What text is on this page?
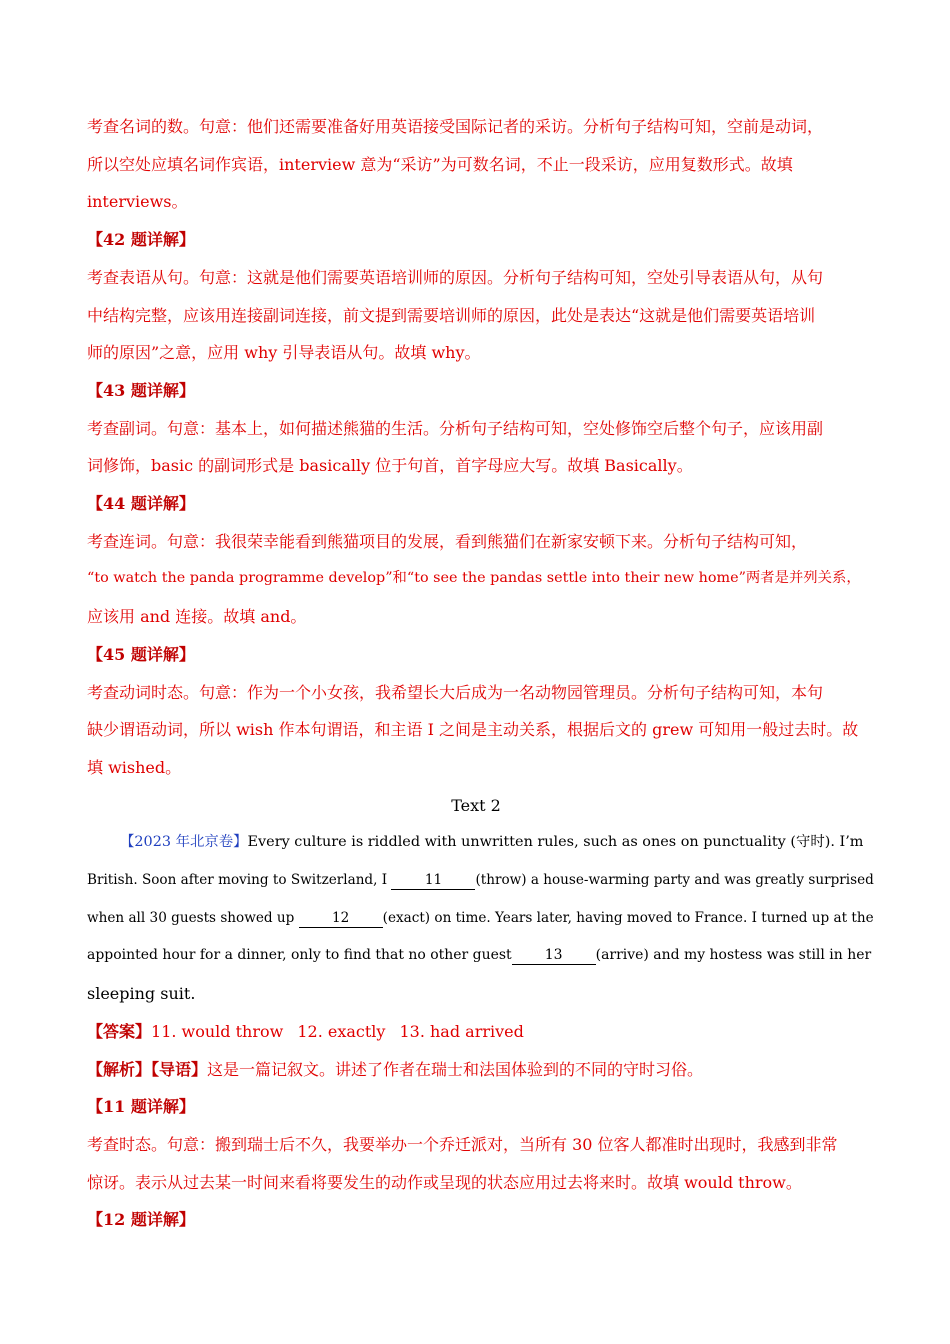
考查名词的数。句意：他们还需要准备好用英语接受国际记者的采访。分析句子结构可知，空前是动词，
所以空处应填名词作宾语，interview 意为“采访”为可数名词，不止一段采访，应用复数形式。故填
interviews。
【42 题详解】
考查表语从句。句意：这就是他们需要英语培训师的原因。分析句子结构可知，空处引导表语从句，从句
中结构完整，应该用连接副词连接，前文提到需要培训师的原因，此处是表达“这就是他们需要英语培训
师的原因”之意，应用 why 引导表语从句。故填 why。
【43 题详解】
考查副词。句意：基本上，如何描述熊猫的生活。分析句子结构可知，空处修饰空后整个句子，应该用副
词修饰，basic 的副词形式是 basically 位于句首，首字母应大写。故填 Basically。
【44 题详解】
考查连词。句意：我很荣幸能看到熊猫项目的发展，看到熊猫们在新家安顿下来。分析句子结构可知，
“to watch the panda programme develop”和“to see the pandas settle into their new home”两者是并列关系，
应该用 and 连接。故填 and。
【45 题详解】
考查动词时态。句意：作为一个小女孩，我希望长大后成为一名动物园管理员。分析句子结构可知，本句
缺少谓语动词，所以 wish 作本句谓语，和主语 I 之间是主动关系，根据后文的 grew 可知用一般过去时。故
填 wished。
Text 2
【2023 年北京卷】Every culture is riddled with unwritten rules, such as ones on punctuality (守时). I’m
British. Soon after moving to Switzerland, I 11 (throw) a house-warming party and was greatly surprised
when all 30 guests showed up 12 (exact) on time. Years later, having moved to France. I turned up at the
appointed hour for a dinner, only to find that no other guest 13 (arrive) and my hostess was still in her
sleeping suit.
【答案】11. would throw 12. exactly 13. had arrived
【解析】【导语】这是一篇记叙文。讲述了作者在瑞士和法国体验到的不同的守时习俗。
【11 题详解】
考查时态。句意：搬到瑞士后不久，我要举办一个乔迁派对，当所有 30 位客人都准时出现时，我感到非常
惊讶。表示从过去某一时间来看将要发生的动作或呈现的状态应用过去将来时。故填 would throw。
【12 题详解】
